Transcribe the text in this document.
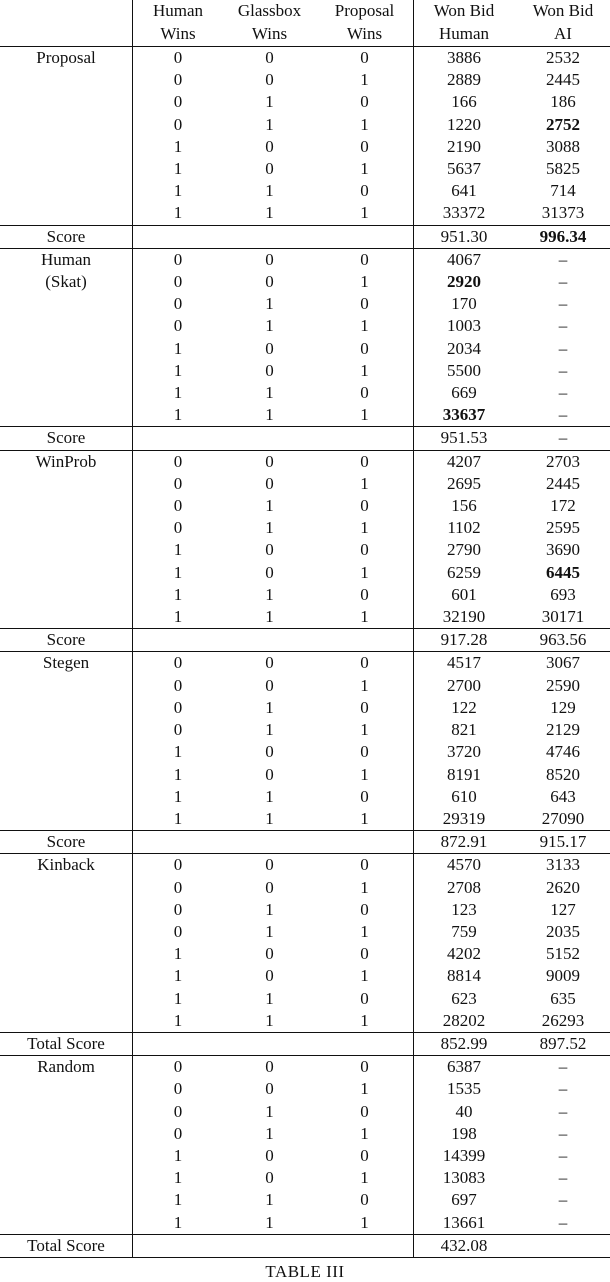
	Human	Glassbox	Proposal	Won Bid	Won Bid
	Wins	Wins	Wins	Human	AI
Proposal	0	0	0	3886	2532
	0	0	1	2889	2445
	0	1	0	166	186
	0	1	1	1220	2752
	1	0	0	2190	3088
	1	0	1	5637	5825
	1	1	0	641	714
	1	1	1	33372	31373
Score				951.30	996.34
Human	0	0	0	4067	–
(Skat)	0	0	1	2920	–
	0	1	0	170	–
	0	1	1	1003	–
	1	0	0	2034	–
	1	0	1	5500	–
	1	1	0	669	–
	1	1	1	33637	–
Score				951.53	–
WinProb	0	0	0	4207	2703
	0	0	1	2695	2445
	0	1	0	156	172
	0	1	1	1102	2595
	1	0	0	2790	3690
	1	0	1	6259	6445
	1	1	0	601	693
	1	1	1	32190	30171
Score				917.28	963.56
Stegen	0	0	0	4517	3067
	0	0	1	2700	2590
	0	1	0	122	129
	0	1	1	821	2129
	1	0	0	3720	4746
	1	0	1	8191	8520
	1	1	0	610	643
	1	1	1	29319	27090
Score				872.91	915.17
Kinback	0	0	0	4570	3133
	0	0	1	2708	2620
	0	1	0	123	127
	0	1	1	759	2035
	1	0	0	4202	5152
	1	0	1	8814	9009
	1	1	0	623	635
	1	1	1	28202	26293
Total Score				852.99	897.52
Random	0	0	0	6387	–
	0	0	1	1535	–
	0	1	0	40	–
	0	1	1	198	–
	1	0	0	14399	–
	1	0	1	13083	–
	1	1	0	697	–
	1	1	1	13661	–
Total Score				432.08	
TABLE III
